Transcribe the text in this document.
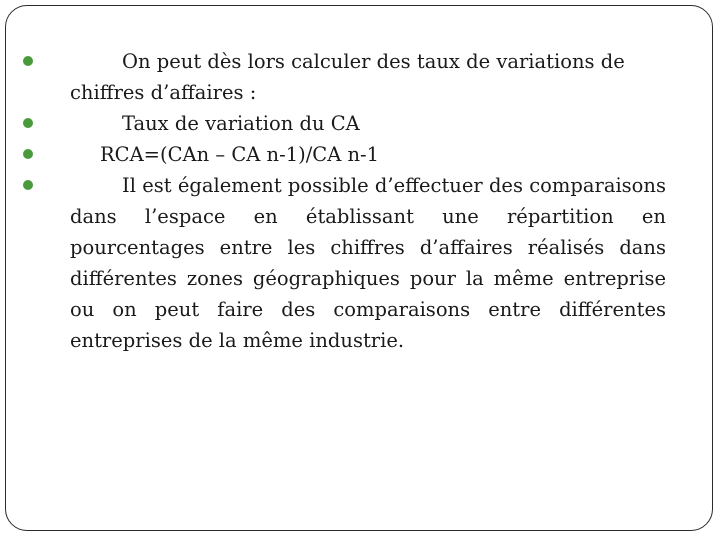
On peut dès lors calculer des taux de variations de chiffres d’affaires :
Taux de variation du CA
RCA=(CAn – CA n-1)/CA n-1
Il est également possible d’effectuer des comparaisons dans l’espace en établissant une répartition en pourcentages entre les chiffres d’affaires réalisés dans différentes zones géographiques pour la même entreprise ou on peut faire des comparaisons entre différentes entreprises de la même industrie.
